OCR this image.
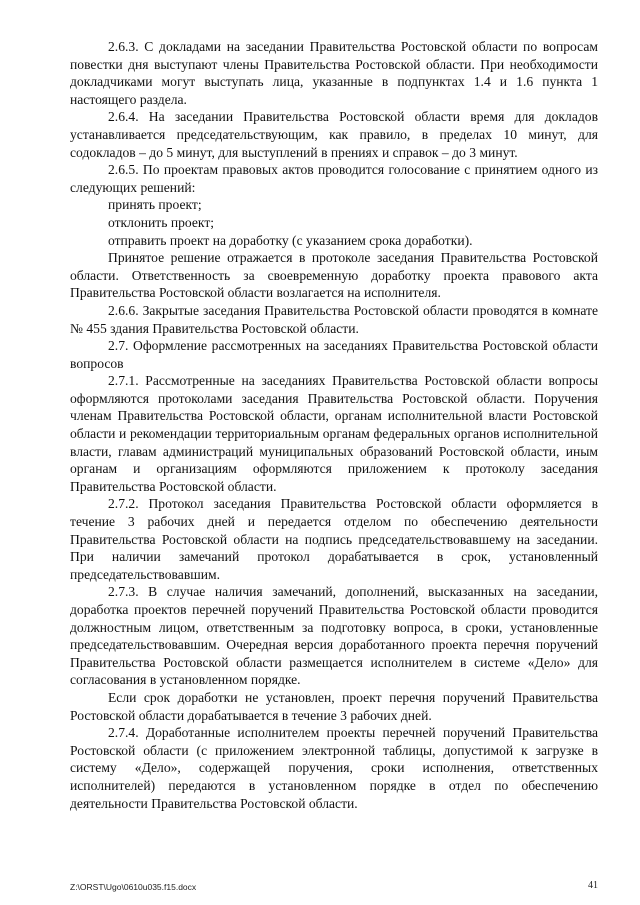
2.6.3. С докладами на заседании Правительства Ростовской области по вопросам повестки дня выступают члены Правительства Ростовской области. При необходимости докладчиками могут выступать лица, указанные в подпунктах 1.4 и 1.6 пункта 1 настоящего раздела.

2.6.4. На заседании Правительства Ростовской области время для докладов устанавливается председательствующим, как правило, в пределах 10 минут, для содокладов – до 5 минут, для выступлений в прениях и справок – до 3 минут.

2.6.5. По проектам правовых актов проводится голосование с принятием одного из следующих решений:

принять проект;

отклонить проект;

отправить проект на доработку (с указанием срока доработки).

Принятое решение отражается в протоколе заседания Правительства Ростовской области. Ответственность за своевременную доработку проекта правового акта Правительства Ростовской области возлагается на исполнителя.

2.6.6. Закрытые заседания Правительства Ростовской области проводятся в комнате № 455 здания Правительства Ростовской области.

2.7. Оформление рассмотренных на заседаниях Правительства Ростовской области вопросов

2.7.1. Рассмотренные на заседаниях Правительства Ростовской области вопросы оформляются протоколами заседания Правительства Ростовской области. Поручения членам Правительства Ростовской области, органам исполнительной власти Ростовской области и рекомендации территориальным органам федеральных органов исполнительной власти, главам администраций муниципальных образований Ростовской области, иным органам и организациям оформляются приложением к протоколу заседания Правительства Ростовской области.

2.7.2. Протокол заседания Правительства Ростовской области оформляется в течение 3 рабочих дней и передается отделом по обеспечению деятельности Правительства Ростовской области на подпись председательствовавшему на заседании. При наличии замечаний протокол дорабатывается в срок, установленный председательствовавшим.

2.7.3. В случае наличия замечаний, дополнений, высказанных на заседании, доработка проектов перечней поручений Правительства Ростовской области проводится должностным лицом, ответственным за подготовку вопроса, в сроки, установленные председательствовавшим. Очередная версия доработанного проекта перечня поручений Правительства Ростовской области размещается исполнителем в системе «Дело» для согласования в установленном порядке.

Если срок доработки не установлен, проект перечня поручений Правительства Ростовской области дорабатывается в течение 3 рабочих дней.

2.7.4. Доработанные исполнителем проекты перечней поручений Правительства Ростовской области (с приложением электронной таблицы, допустимой к загрузке в систему «Дело», содержащей поручения, сроки исполнения, ответственных исполнителей) передаются в установленном порядке в отдел по обеспечению деятельности Правительства Ростовской области.

Z:\ORST\Ugo\0610u035.f15.docx	41
